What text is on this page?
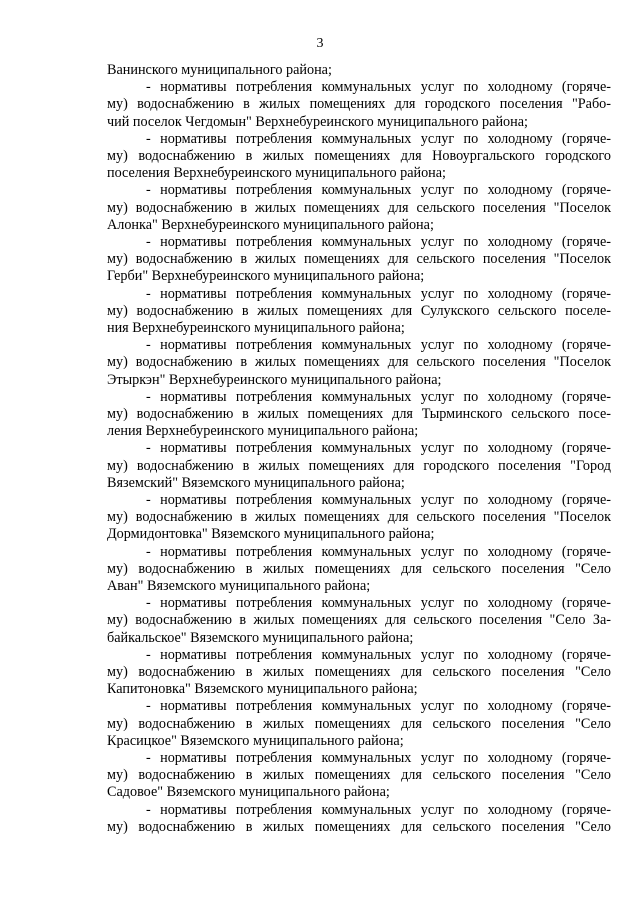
3
Ванинского муниципального района;
- нормативы потребления коммунальных услуг по холодному (горяче-
му) водоснабжению в жилых помещениях для городского поселения "Рабо-
чий поселок Чегдомын" Верхнебуреинского муниципального района;
- нормативы потребления коммунальных услуг по холодному (горяче-
му) водоснабжению в жилых помещениях для Новоургальского городского
поселения Верхнебуреинского муниципального района;
- нормативы потребления коммунальных услуг по холодному (горяче-
му) водоснабжению в жилых помещениях для сельского поселения "Поселок
Алонка" Верхнебуреинского муниципального района;
- нормативы потребления коммунальных услуг по холодному (горяче-
му) водоснабжению в жилых помещениях для сельского поселения "Поселок
Герби" Верхнебуреинского муниципального района;
- нормативы потребления коммунальных услуг по холодному (горяче-
му) водоснабжению в жилых помещениях для Сулукского сельского поселе-
ния Верхнебуреинского муниципального района;
- нормативы потребления коммунальных услуг по холодному (горяче-
му) водоснабжению в жилых помещениях для сельского поселения "Поселок
Этыркэн" Верхнебуреинского муниципального района;
- нормативы потребления коммунальных услуг по холодному (горяче-
му) водоснабжению в жилых помещениях для Тырминского сельского посе-
ления Верхнебуреинского муниципального района;
- нормативы потребления коммунальных услуг по холодному (горяче-
му) водоснабжению в жилых помещениях для городского поселения "Город
Вяземский" Вяземского муниципального района;
- нормативы потребления коммунальных услуг по холодному (горяче-
му) водоснабжению в жилых помещениях для сельского поселения "Поселок
Дормидонтовка" Вяземского муниципального района;
- нормативы потребления коммунальных услуг по холодному (горяче-
му) водоснабжению в жилых помещениях для сельского поселения "Село
Аван" Вяземского муниципального района;
- нормативы потребления коммунальных услуг по холодному (горяче-
му) водоснабжению в жилых помещениях для сельского поселения "Село За-
байкальское" Вяземского муниципального района;
- нормативы потребления коммунальных услуг по холодному (горяче-
му) водоснабжению в жилых помещениях для сельского поселения "Село
Капитоновка" Вяземского муниципального района;
- нормативы потребления коммунальных услуг по холодному (горяче-
му) водоснабжению в жилых помещениях для сельского поселения "Село
Красицкое" Вяземского муниципального района;
- нормативы потребления коммунальных услуг по холодному (горяче-
му) водоснабжению в жилых помещениях для сельского поселения "Село
Садовое" Вяземского муниципального района;
- нормативы потребления коммунальных услуг по холодному (горяче-
му) водоснабжению в жилых помещениях для сельского поселения "Село
